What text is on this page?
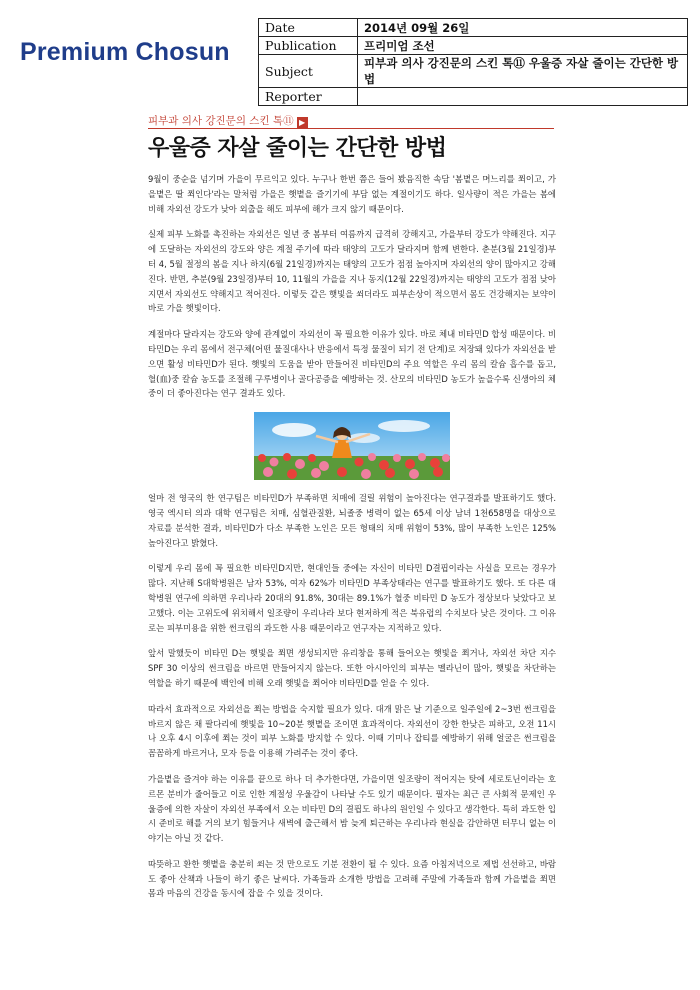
Premium Chosun
Date	2014년 09월 26일
Publication	프리미엄 조선
Subject	피부과 의사 강진문의 스킨 톡⑪ 우울증 자살 줄이는 간단한 방법
Reporter	
피부과 의사 강진문의 스킨 톡⑪ ▶
우울증 자살 줄이는 간단한 방법

9월이 중순을 넘기며 가을이 무르익고 있다. 누구나 한번 쯤은 들어 봤음직한 속담 '봄볕은 며느리를 쬐이고, 가을볕은 딸 쬐인다'라는 말처럼 가을은 햇볕을 즐기기에 부담 없는 계절이기도 하다. 일사량이 적은 가을는 봄에 비해 자외선 강도가 낮아 외출을 해도 피부에 해가 크지 않기 때문이다.

실제 피부 노화를 촉진하는 자외선은 일년 중 봄부터 여름까지 급격히 강해지고, 가을부터 강도가 약해진다. 지구에 도달하는 자외선의 강도와 양은 계절 주기에 따라 태양의 고도가 달라지며 함께 변한다. 춘분(3월 21일경)부터 4, 5월 절정의 봄을 지나 하지(6월 21일경)까지는 태양의 고도가 점점 높아지며 자외선의 양이 많아지고 강해진다. 반면, 추분(9월 23일경)부터 10, 11월의 가을을 지나 동지(12월 22일경)까지는 태양의 고도가 점점 낮아지면서 자외선도 약해지고 적어진다. 이렇듯 같은 햇빛을 쐬더라도 피부손상이 적으면서 몸도 건강해지는 보약이 바로 가을 햇빛이다.

계절마다 달라지는 강도와 양에 관계없이 자외선이 꼭 필요한 이유가 있다. 바로 체내 비타민D 합성 때문이다. 비타민D는 우리 몸에서 전구체(어떤 물질대사나 반응에서 특정 물질이 되기 전 단계)로 저장돼 있다가 자외선을 받으면 활성 비타민D가 된다. 햇빛의 도움을 받아 만들어진 비타민D의 주요 역할은 우리 몸의 칼슘 흡수를 돕고, 혈(血)중 칼슘 농도를 조절해 구루병이나 골다공증을 예방하는 것. 산모의 비타민D 농도가 높을수록 신생아의 체중이 더 좋아진다는 연구 결과도 있다.

얼마 전 영국의 한 연구팀은 비타민D가 부족하면 치매에 걸릴 위험이 높아진다는 연구결과를 발표하기도 했다. 영국 엑시터 의과 대학 연구팀은 치매, 심혈관질환, 뇌졸중 병력이 없는 65세 이상 남녀 1천658명을 대상으로 자료를 분석한 결과, 비타민D가 다소 부족한 노인은 모든 형태의 치매 위험이 53%, 많이 부족한 노인은 125% 높아진다고 밝혔다.

이렇게 우리 몸에 꼭 필요한 비타민D지만, 현대인들 중에는 자신이 비타민 D결핍이라는 사실을 모르는 경우가 많다. 지난해 S대학병원은 남자 53%, 여자 62%가 비타민D 부족상태라는 연구를 발표하기도 했다. 또 다른 대학병원 연구에 의하면 우리나라 20대의 91.8%, 30대는 89.1%가 혈중 비타민 D 농도가 정상보다 낮았다고 보고했다. 이는 고위도에 위치해서 일조량이 우리나라 보다 현저하게 적은 북유럽의 수치보다 낮은 것이다. 그 이유로는 피부미용을 위한 썬크림의 과도한 사용 때문이라고 연구자는 지적하고 있다.

앞서 말했듯이 비타민 D는 햇빛을 쬐면 생성되지만 유리창을 통해 들어오는 햇빛을 쬐거나, 자외선 차단 지수 SPF 30 이상의 썬크림을 바르면 만들어지지 않는다. 또한 아시아인의 피부는 멜라닌이 많아, 햇빛을 차단하는 역할을 하기 때문에 백인에 비해 오래 햇빛을 쬐어야 비타민D를 얻을 수 있다.

따라서 효과적으로 자외선을 쬐는 방법을 숙지할 필요가 있다. 대개 맑은 날 기준으로 일주일에 2~3번 썬크림을 바르지 않은 채 팔다리에 햇빛을 10~20분 햇볕을 조이면 효과적이다. 자외선이 강한 한낮은 피하고, 오전 11시나 오후 4시 이후에 쬐는 것이 피부 노화를 방지할 수 있다. 이때 기미나 잡티를 예방하기 위해 얼굴은 썬크림을 꼼꼼하게 바르거나, 모자 등을 이용해 가려주는 것이 좋다.

가을볕을 즐겨야 하는 이유를 끝으로 하나 더 추가한다면, 가을이면 일조량이 적어지는 탓에 세로토닌이라는 호르몬 분비가 줄어들고 이로 인한 계절성 우울감이 나타날 수도 있기 때문이다. 필자는 최근 큰 사회적 문제인 우울증에 의한 자살이 자외선 부족에서 오는 비타민 D의 결핍도 하나의 원인일 수 있다고 생각한다. 특히 과도한 입시 준비로 해를 거의 보기 힘들거나 새벽에 출근해서 밤 늦게 퇴근하는 우리나라 현실을 감안하면 터무니 없는 이야기는 아닐 것 같다.

따뜻하고 환한 햇볕을 충분히 쐬는 것 만으로도 기분 전환이 될 수 있다. 요즘 아침저녁으로 제법 선선하고, 바람도 좋아 산책과 나들이 하기 좋은 날씨다. 가족들과 소개한 방법을 고려해 주말에 가족들과 함께 가을볕을 쬐면 몸과 마음의 건강을 동시에 잡을 수 있을 것이다.
